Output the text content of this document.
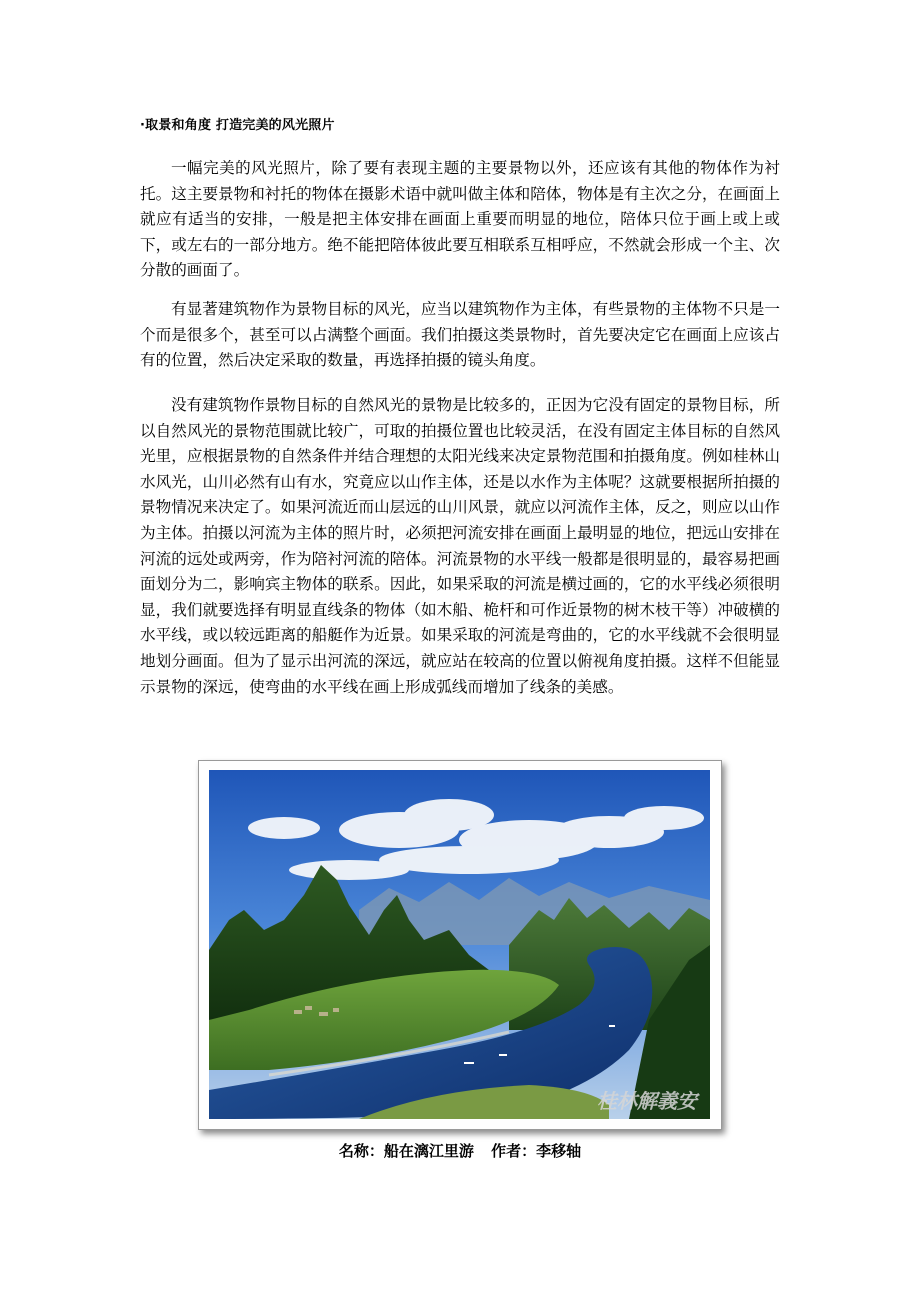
·取景和角度 打造完美的风光照片

一幅完美的风光照片，除了要有表现主题的主要景物以外，还应该有其他的物体作为衬托。这主要景物和衬托的物体在摄影术语中就叫做主体和陪体，物体是有主次之分，在画面上就应有适当的安排，一般是把主体安排在画面上重要而明显的地位，陪体只位于画上或上或下，或左右的一部分地方。绝不能把陪体彼此要互相联系互相呼应，不然就会形成一个主、次分散的画面了。

有显著建筑物作为景物目标的风光，应当以建筑物作为主体，有些景物的主体物不只是一个而是很多个，甚至可以占满整个画面。我们拍摄这类景物时，首先要决定它在画面上应该占有的位置，然后决定采取的数量，再选择拍摄的镜头角度。

没有建筑物作景物目标的自然风光的景物是比较多的，正因为它没有固定的景物目标，所以自然风光的景物范围就比较广，可取的拍摄位置也比较灵活，在没有固定主体目标的自然风光里，应根据景物的自然条件并结合理想的太阳光线来决定景物范围和拍摄角度。例如桂林山水风光，山川必然有山有水，究竟应以山作主体，还是以水作为主体呢？这就要根据所拍摄的景物情况来决定了。如果河流近而山层远的山川风景，就应以河流作主体，反之，则应以山作为主体。拍摄以河流为主体的照片时，必须把河流安排在画面上最明显的地位，把远山安排在河流的远处或两旁，作为陪衬河流的陪体。河流景物的水平线一般都是很明显的，最容易把画面划分为二，影响宾主物体的联系。因此，如果采取的河流是横过画的，它的水平线必须很明显，我们就要选择有明显直线条的物体（如木船、桅杆和可作近景物的树木枝干等）冲破横的水平线，或以较远距离的船艇作为近景。如果采取的河流是弯曲的，它的水平线就不会很明显地划分画面。但为了显示出河流的深远，就应站在较高的位置以俯视角度拍摄。这样不但能显示景物的深远，使弯曲的水平线在画上形成弧线而增加了线条的美感。

桂林解義安
名称：船在漓江里游 作者：李移轴
